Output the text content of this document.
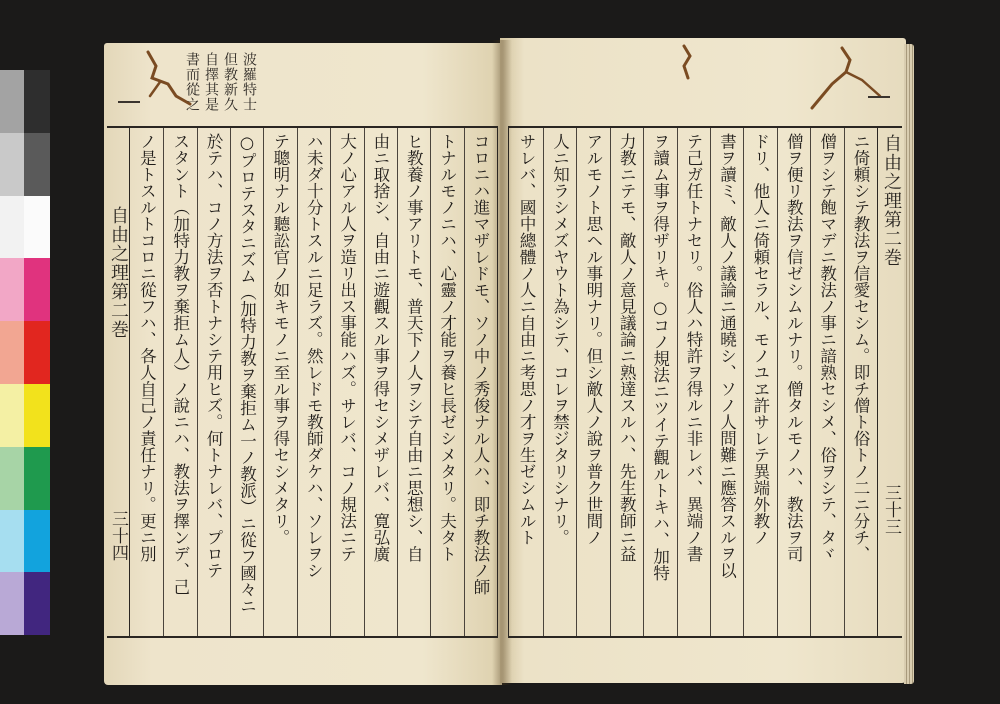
波羅特士
但教新久
自擇其是
書而從之
自由之理第二巻
三十四
自由之理第二巻
三十三
コロニハ進マザレドモ、ソノ中ノ秀俊ナル人ハ、即チ教法ノ師
トナルモノニハ、心靈ノ才能ヲ養ヒ長ゼシメタリ。夫タト
ヒ教養ノ事アリトモ、普天下ノ人ヲシテ自由ニ思想シ、自
由ニ取捨シ、自由ニ遊觀スル事ヲ得セシメザレバ、寛弘廣
大ノ心アル人ヲ造リ出ス事能ハズ。サレバ、コノ規法ニテ
ハ未ダ十分トスルニ足ラズ。然レドモ教師ダケハ、ソレヲシ
テ聰明ナル聽訟官ノ如キモノニ至ル事ヲ得セシメタリ。
○プロテスタニズム（加特力教ヲ棄拒ム一ノ教派）ニ從フ國々ニ
於テハ、コノ方法ヲ否トナシテ用ヒズ。何トナレバ、プロテ
スタント（加特力教ヲ棄拒ム人）ノ說ニハ、教法ヲ擇ンデ、己
ノ是トスルトコロニ從フハ、各人自己ノ責任ナリ。更ニ別	ニ倚頼シテ教法ヲ信愛セシム。即チ僧ト俗トノ二ニ分チ、
僧ヲシテ飽マデニ教法ノ事ニ諳熟セシメ、俗ヲシテ、タヾ
僧ヲ便リ教法ヲ信ゼシムルナリ。僧タルモノハ、教法ヲ司
ドリ、他人ニ倚頼セラル、モノユヱ許サレテ異端外教ノ
書ヲ讀ミ、敵人ノ議論ニ通曉シ、ソノ人問難ニ應答スルヲ以
テ己ガ任トナセリ。俗人ハ特許ヲ得ルニ非レバ、異端ノ書
ヲ讀ム事ヲ得ザリキ。○コノ規法ニツイテ觀ルトキハ、加特
力教ニテモ、敵人ノ意見議論ニ熟達スルハ、先生教師ニ益
アルモノト思ヘル事明ナリ。但シ敵人ノ說ヲ普ク世間ノ
人ニ知ラシメズヤウト為シテ、コレヲ禁ジタリシナリ。
サレバ、國中總體ノ人ニ自由ニ考思ノ才ヲ生ゼシムルト
